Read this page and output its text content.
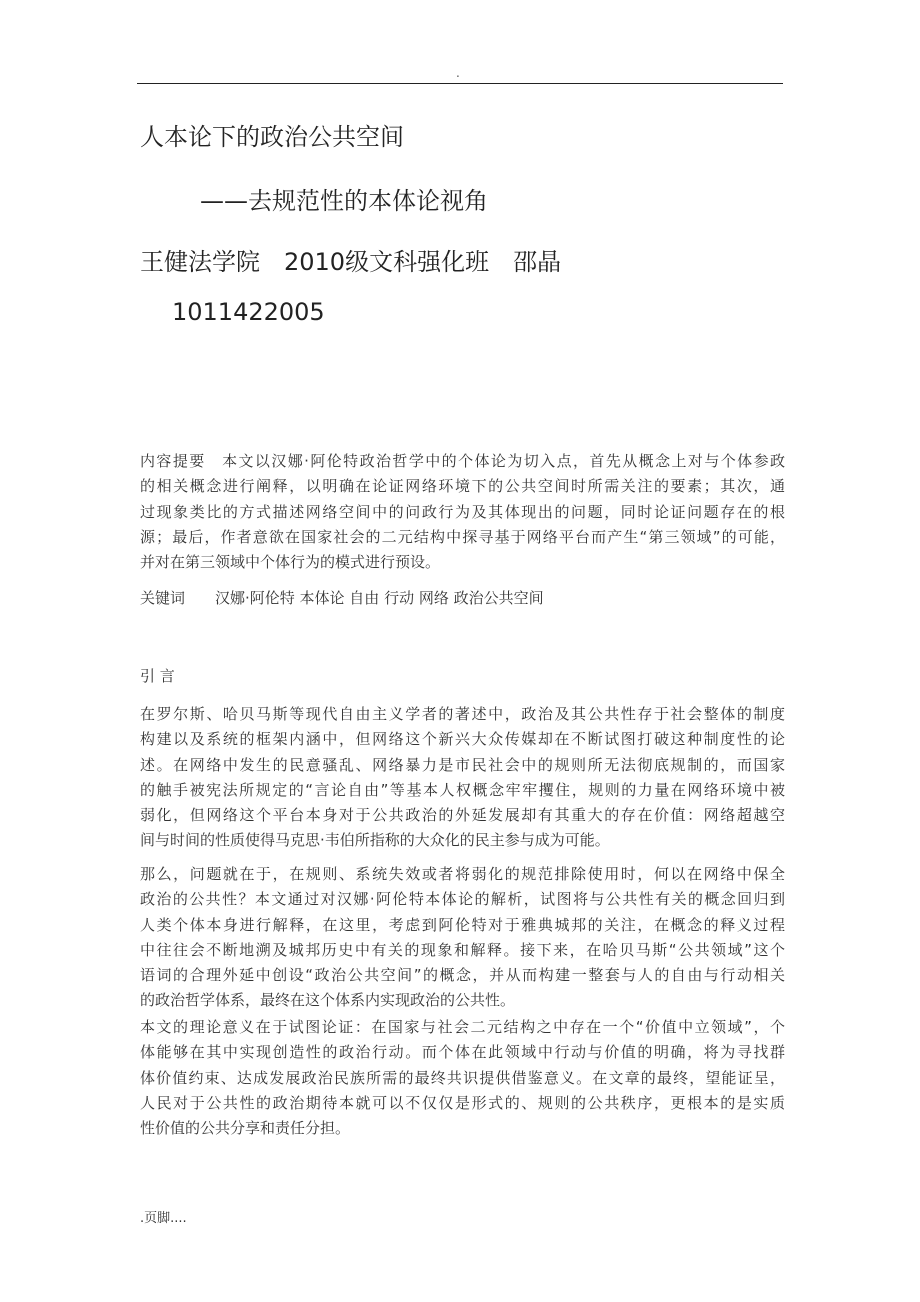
.
人本论下的政治公共空间
——去规范性的本体论视角
王健法学院　2010级文科强化班　邵晶
1011422005
内容提要　本文以汉娜·阿伦特政治哲学中的个体论为切入点，首先从概念上对与个体参政
的相关概念进行阐释，以明确在论证网络环境下的公共空间时所需关注的要素；其次，通
过现象类比的方式描述网络空间中的问政行为及其体现出的问题，同时论证问题存在的根
源；最后，作者意欲在国家社会的二元结构中探寻基于网络平台而产生“第三领域”的可能，
并对在第三领域中个体行为的模式进行预设。
关键词　　汉娜·阿伦特 本体论 自由 行动 网络 政治公共空间
引 言
在罗尔斯、哈贝马斯等现代自由主义学者的著述中，政治及其公共性存于社会整体的制度
构建以及系统的框架内涵中，但网络这个新兴大众传媒却在不断试图打破这种制度性的论
述。在网络中发生的民意骚乱、网络暴力是市民社会中的规则所无法彻底规制的，而国家
的触手被宪法所规定的“言论自由”等基本人权概念牢牢攫住，规则的力量在网络环境中被
弱化，但网络这个平台本身对于公共政治的外延发展却有其重大的存在价值：网络超越空
间与时间的性质使得马克思·韦伯所指称的大众化的民主参与成为可能。
那么，问题就在于，在规则、系统失效或者将弱化的规范排除使用时，何以在网络中保全
政治的公共性？本文通过对汉娜·阿伦特本体论的解析，试图将与公共性有关的概念回归到
人类个体本身进行解释，在这里，考虑到阿伦特对于雅典城邦的关注，在概念的释义过程
中往往会不断地溯及城邦历史中有关的现象和解释。接下来，在哈贝马斯“公共领域”这个
语词的合理外延中创设“政治公共空间”的概念，并从而构建一整套与人的自由与行动相关
的政治哲学体系，最终在这个体系内实现政治的公共性。
本文的理论意义在于试图论证：在国家与社会二元结构之中存在一个“价值中立领域”，个
体能够在其中实现创造性的政治行动。而个体在此领域中行动与价值的明确，将为寻找群
体价值约束、达成发展政治民族所需的最终共识提供借鉴意义。在文章的最终，望能证呈，
人民对于公共性的政治期待本就可以不仅仅是形式的、规则的公共秩序，更根本的是实质
性价值的公共分享和责任分担。
.页脚....
